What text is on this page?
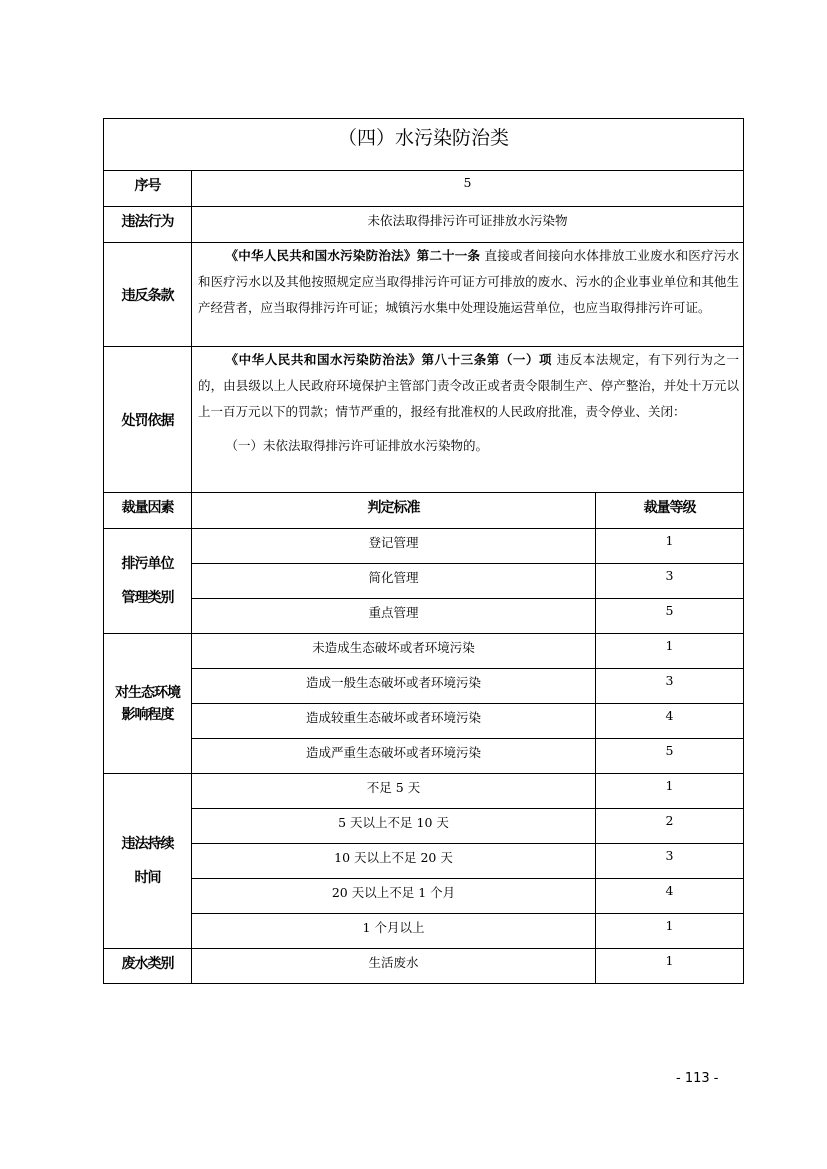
（四）水污染防治类		
序号	5	
违法行为	未依法取得排污许可证排放水污染物	
违反条款	《中华人民共和国水污染防治法》第二十一条 直接或者间接向水体排放工业废水和医疗污水和医疗污水以及其他按照规定应当取得排污许可证方可排放的废水、污水的企业事业单位和其他生产经营者，应当取得排污许可证；城镇污水集中处理设施运营单位，也应当取得排污许可证。	

处罚依据	《中华人民共和国水污染防治法》第八十三条第（一）项 违反本法规定，有下列行为之一的，由县级以上人民政府环境保护主管部门责令改正或者责令限制生产、停产整治，并处十万元以上一百万元以下的罚款；情节严重的，报经有批准权的人民政府批准，责令停业、关闭：
（一）未依法取得排污许可证排放水污染物的。	

裁量因素	判定标准	裁量等级

排污单位
管理类别	登记管理	1
	简化管理	3
	重点管理	5

对生态环境
影响程度	未造成生态破坏或者环境污染	1
	造成一般生态破坏或者环境污染	3
	造成较重生态破坏或者环境污染	4
	造成严重生态破坏或者环境污染	5

违法持续
时间	不足 5 天	1
	5 天以上不足 10 天	2
	10 天以上不足 20 天	3
	20 天以上不足 1 个月	4
	1 个月以上	1

废水类别	生活废水	1
- 113 -
